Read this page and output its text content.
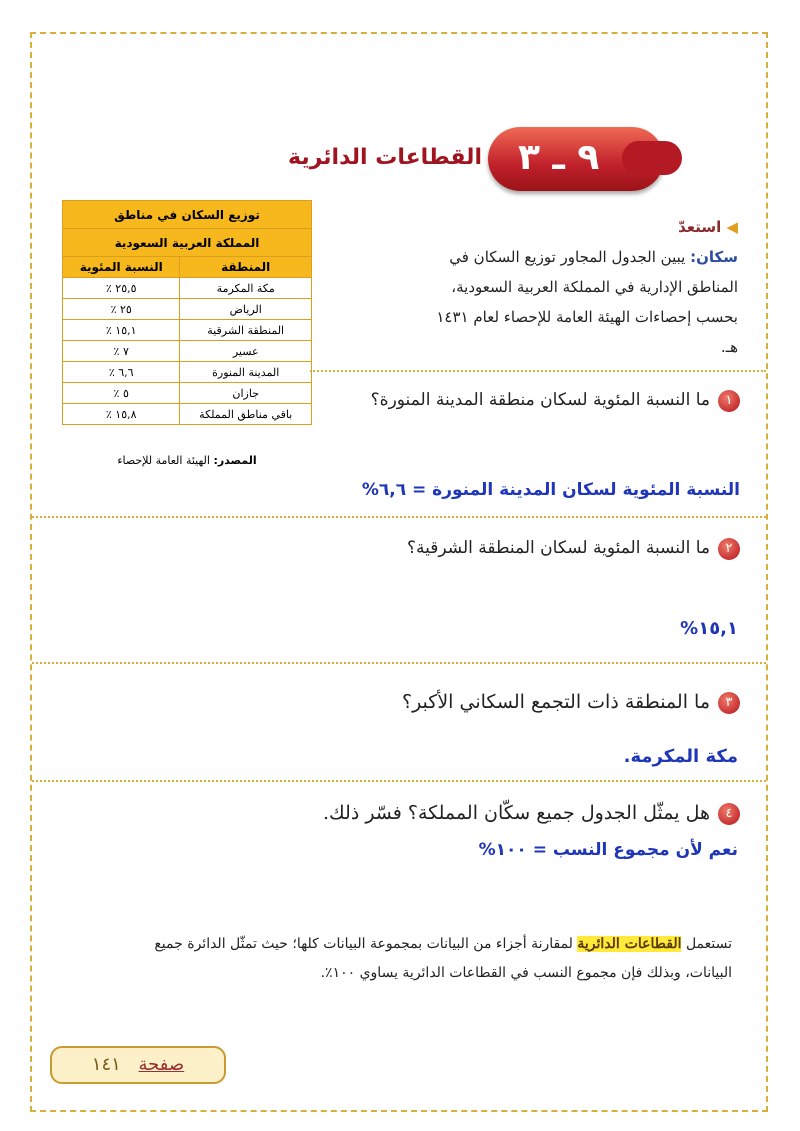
القطاعات الدائرية ٩ ـ ٣
توزيع السكان في مناطق	
المملكة العربية السعودية	
المنطقة	النسبة المئوية
مكة المكرمة	٢٥,٥ ٪
الرياض	٢٥ ٪
المنطقة الشرقية	١٥,١ ٪
عسير	٧ ٪
المدينة المنورة	٦,٦ ٪
جازان	٥ ٪
باقي مناطق المملكة	١٥,٨ ٪
المصدر: الهيئة العامة للإحصاء
◀ استعدّ
سكان: يبين الجدول المجاور توزيع السكان في المناطق الإدارية في المملكة العربية السعودية، بحسب إحصاءات الهيئة العامة للإحصاء لعام ١٤٣١ هـ.
١ما النسبة المئوية لسكان منطقة المدينة المنورة؟
النسبة المئوية لسكان المدينة المنورة = ٦,٦%
٢ما النسبة المئوية لسكان المنطقة الشرقية؟
١٥,١%
٣ما المنطقة ذات التجمع السكاني الأكبر؟
مكة المكرمة.
٤هل يمثّل الجدول جميع سكّان المملكة؟ فسّر ذلك.
نعم لأن مجموع النسب = ١٠٠%
تستعمل القطاعات الدائرية لمقارنة أجزاء من البيانات بمجموعة البيانات كلها؛ حيث تمثّل الدائرة جميع البيانات، وبذلك فإن مجموع النسب في القطاعات الدائرية يساوي ١٠٠٪.
صفحة ١٤١
